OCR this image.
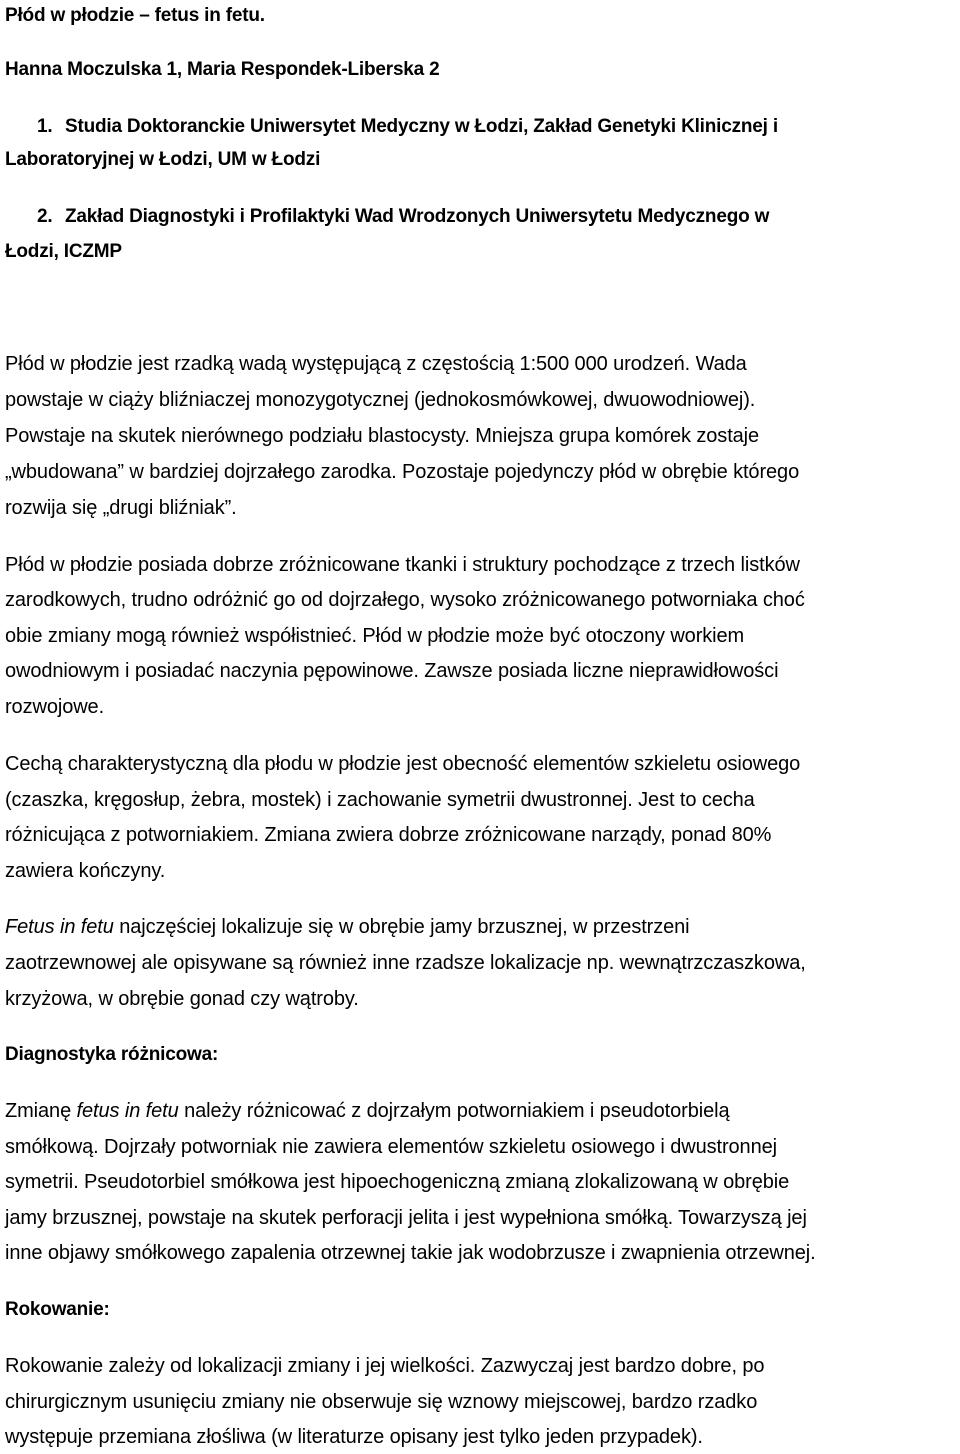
Płód w płodzie – fetus in fetu.
Hanna Moczulska 1, Maria Respondek-Liberska 2
1. Studia Doktoranckie Uniwersytet Medyczny w Łodzi, Zakład Genetyki Klinicznej i
Laboratoryjnej w Łodzi, UM w Łodzi
2. Zakład Diagnostyki i Profilaktyki Wad Wrodzonych Uniwersytetu Medycznego w
Łodzi, ICZMP
Płód w płodzie jest rzadką wadą występującą z częstością 1:500 000 urodzeń. Wada
powstaje w ciąży bliźniaczej monozygotycznej (jednokosmówkowej, dwuowodniowej).
Powstaje na skutek nierównego podziału blastocysty. Mniejsza grupa komórek zostaje
„wbudowana” w bardziej dojrzałego zarodka. Pozostaje pojedynczy płód w obrębie którego
rozwija się „drugi bliźniak”.
Płód w płodzie posiada dobrze zróżnicowane tkanki i struktury pochodzące z trzech listków
zarodkowych, trudno odróżnić go od dojrzałego, wysoko zróżnicowanego potworniaka choć
obie zmiany mogą również współistnieć. Płód w płodzie może być otoczony workiem
owodniowym i posiadać naczynia pępowinowe. Zawsze posiada liczne nieprawidłowości
rozwojowe.
Cechą charakterystyczną dla płodu w płodzie jest obecność elementów szkieletu osiowego
(czaszka, kręgosłup, żebra, mostek) i zachowanie symetrii dwustronnej. Jest to cecha
różnicująca z potworniakiem. Zmiana zwiera dobrze zróżnicowane narządy, ponad 80%
zawiera kończyny.
Fetus in fetu najczęściej lokalizuje się w obrębie jamy brzusznej, w przestrzeni
zaotrzewnowej ale opisywane są również inne rzadsze lokalizacje np. wewnątrzczaszkowa,
krzyżowa, w obrębie gonad czy wątroby.
Diagnostyka różnicowa:
Zmianę fetus in fetu należy różnicować z dojrzałym potworniakiem i pseudotorbielą
smółkową. Dojrzały potworniak nie zawiera elementów szkieletu osiowego i dwustronnej
symetrii. Pseudotorbiel smółkowa jest hipoechogeniczną zmianą zlokalizowaną w obrębie
jamy brzusznej, powstaje na skutek perforacji jelita i jest wypełniona smółką. Towarzyszą jej
inne objawy smółkowego zapalenia otrzewnej takie jak wodobrzusze i zwapnienia otrzewnej.
Rokowanie:
Rokowanie zależy od lokalizacji zmiany i jej wielkości. Zazwyczaj jest bardzo dobre, po
chirurgicznym usunięciu zmiany nie obserwuje się wznowy miejscowej, bardzo rzadko
występuje przemiana złośliwa (w literaturze opisany jest tylko jeden przypadek).
